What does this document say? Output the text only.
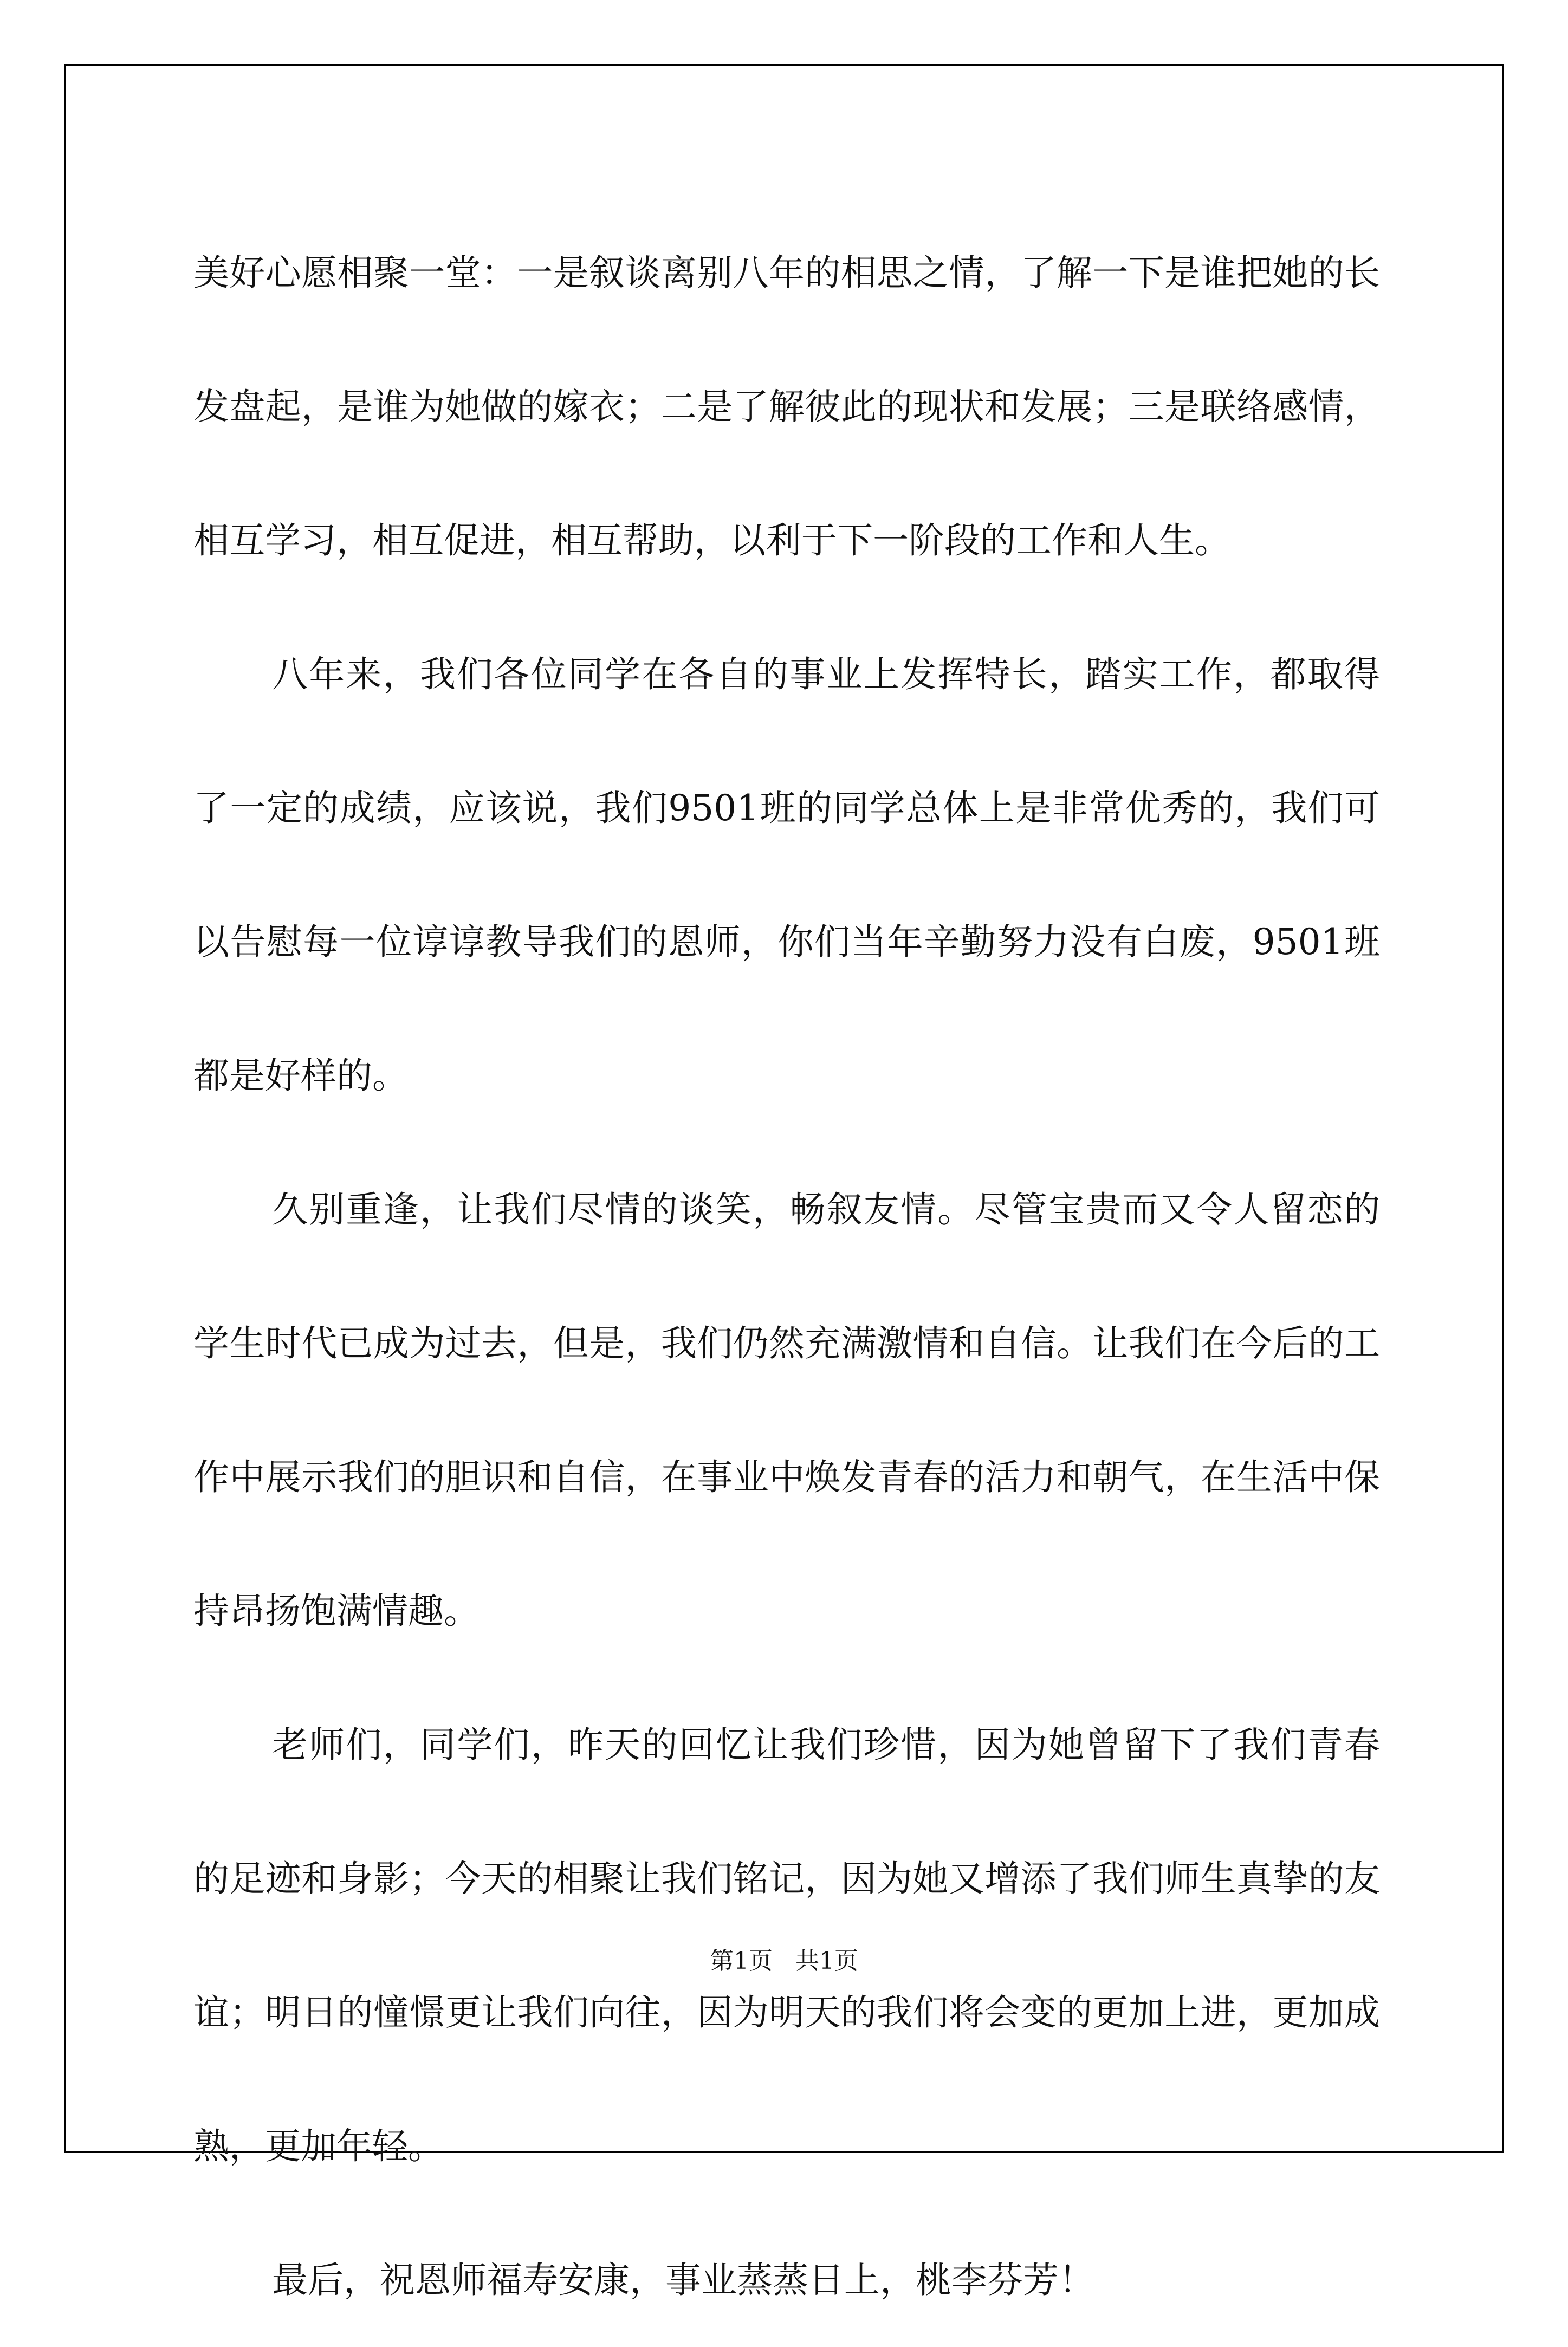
美好心愿相聚一堂：一是叙谈离别八年的相思之情，了解一下是谁把她的长发盘起，是谁为她做的嫁衣；二是了解彼此的现状和发展；三是联络感情，相互学习，相互促进，相互帮助，以利于下一阶段的工作和人生。

八年来，我们各位同学在各自的事业上发挥特长，踏实工作，都取得了一定的成绩，应该说，我们9501班的同学总体上是非常优秀的，我们可以告慰每一位谆谆教导我们的恩师，你们当年辛勤努力没有白废，9501班都是好样的。

久别重逢，让我们尽情的谈笑，畅叙友情。尽管宝贵而又令人留恋的学生时代已成为过去，但是，我们仍然充满激情和自信。让我们在今后的工作中展示我们的胆识和自信，在事业中焕发青春的活力和朝气，在生活中保持昂扬饱满情趣。

老师们，同学们，昨天的回忆让我们珍惜，因为她曾留下了我们青春的足迹和身影；今天的相聚让我们铭记，因为她又增添了我们师生真挚的友谊；明日的憧憬更让我们向往，因为明天的我们将会变的更加上进，更加成熟，更加年轻。

最后，祝恩师福寿安康，事业蒸蒸日上，桃李芬芳！

第1页   共1页
